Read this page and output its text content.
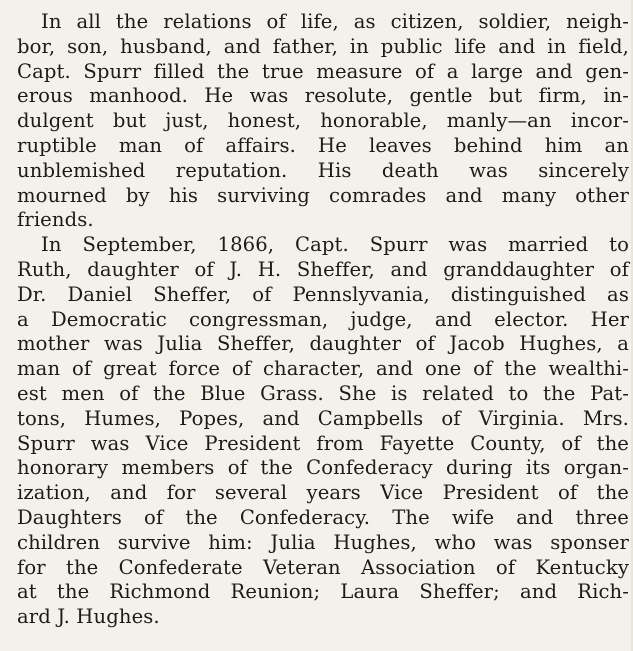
In all the relations of life, as citizen, soldier, neigh-
bor, son, husband, and father, in public life and in field,
Capt. Spurr filled the true measure of a large and gen-
erous manhood. He was resolute, gentle but firm, in-
dulgent but just, honest, honorable, manly—an incor-
ruptible man of affairs. He leaves behind him an
unblemished reputation. His death was sincerely
mourned by his surviving comrades and many other
friends.
In September, 1866, Capt. Spurr was married to
Ruth, daughter of J. H. Sheffer, and granddaughter of
Dr. Daniel Sheffer, of Pennslyvania, distinguished as
a Democratic congressman, judge, and elector. Her
mother was Julia Sheffer, daughter of Jacob Hughes, a
man of great force of character, and one of the wealthi-
est men of the Blue Grass. She is related to the Pat-
tons, Humes, Popes, and Campbells of Virginia. Mrs.
Spurr was Vice President from Fayette County, of the
honorary members of the Confederacy during its organ-
ization, and for several years Vice President of the
Daughters of the Confederacy. The wife and three
children survive him: Julia Hughes, who was sponser
for the Confederate Veteran Association of Kentucky
at the Richmond Reunion; Laura Sheffer; and Rich-
ard J. Hughes.
